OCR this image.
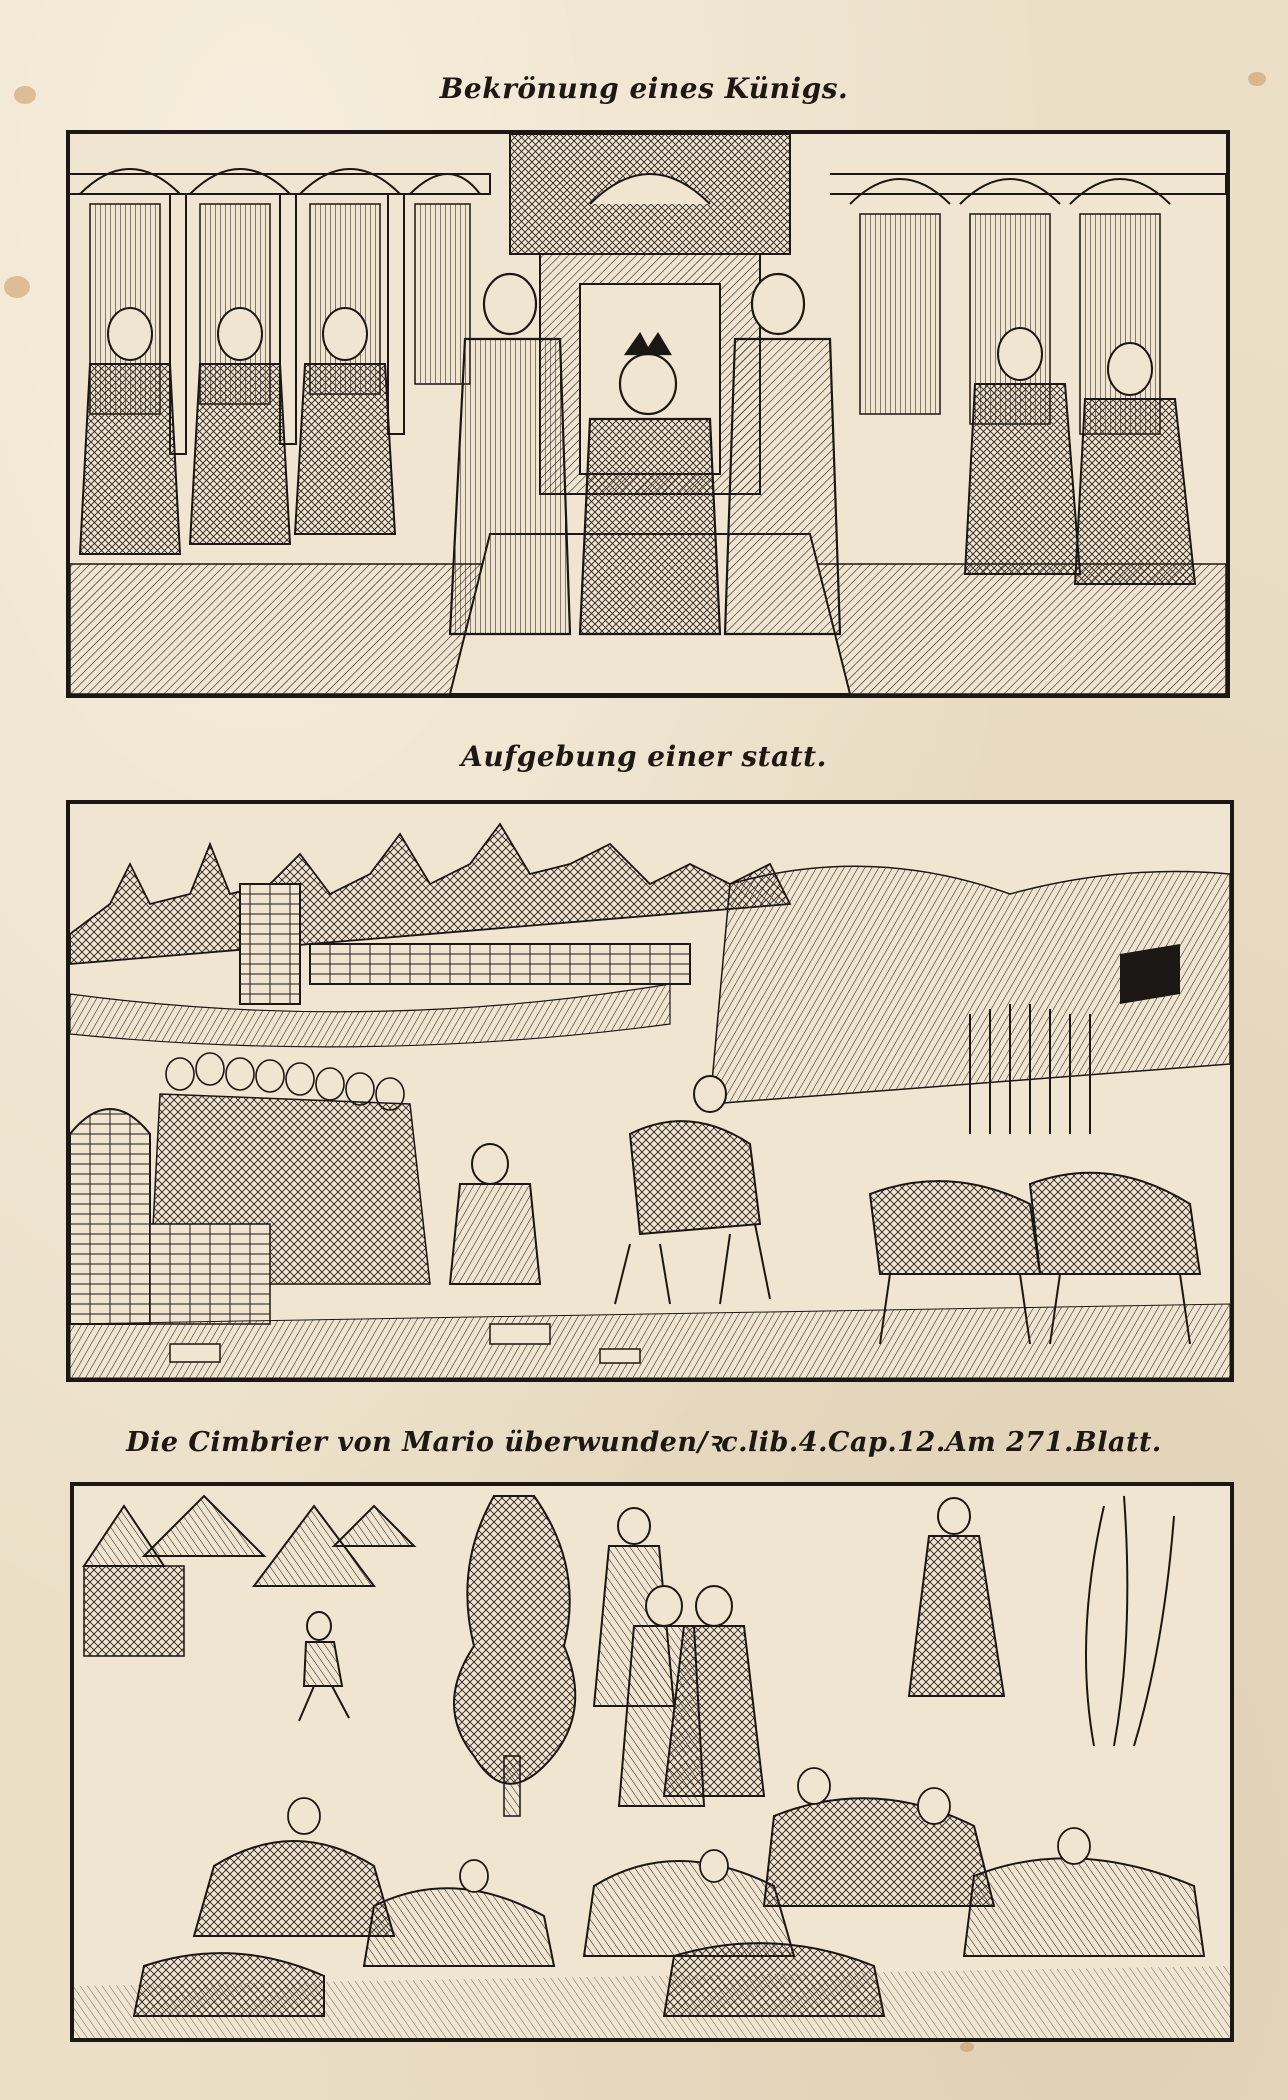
Bekrönung eines Künigs.
Aufgebung einer statt.
Die Cimbrier von Mario überwunden/ꝛc.lib.4.Cap.12.Am 271.Blatt.
